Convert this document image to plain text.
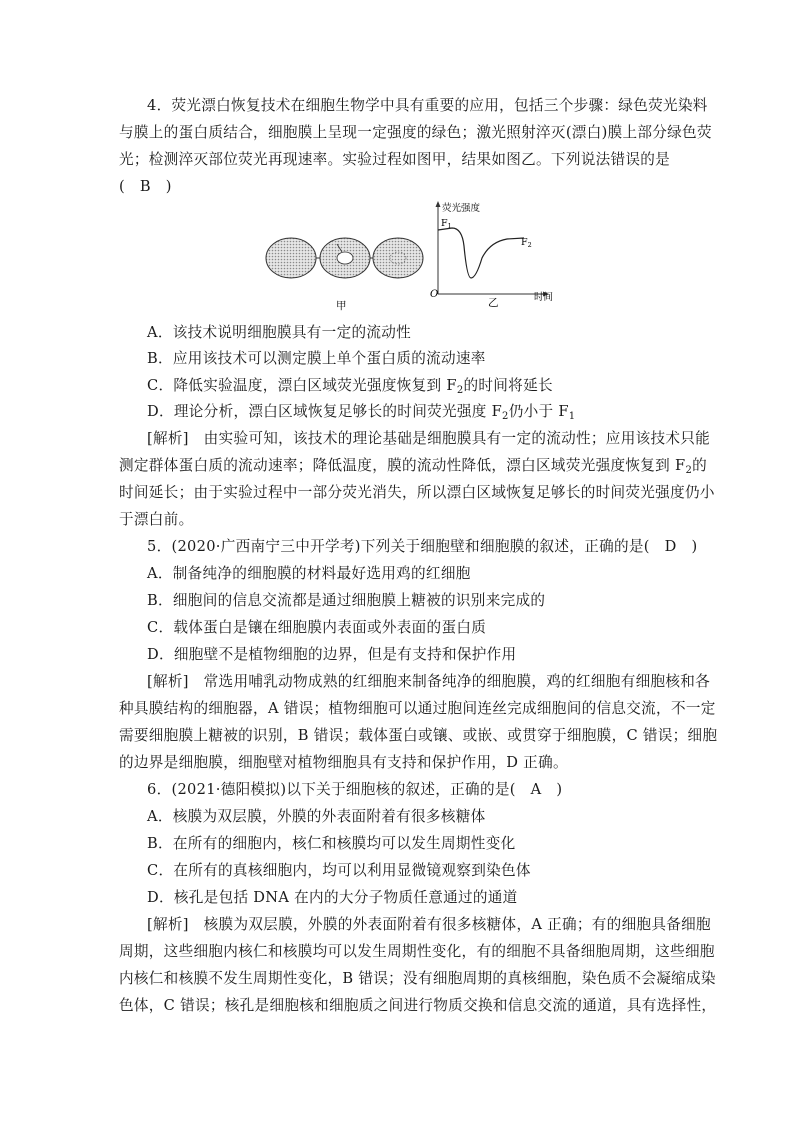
4．荧光漂白恢复技术在细胞生物学中具有重要的应用，包括三个步骤：绿色荧光染料
与膜上的蛋白质结合，细胞膜上呈现一定强度的绿色；激光照射淬灭(漂白)膜上部分绿色荧
光；检测淬灭部位荧光再现速率。实验过程如图甲，结果如图乙。下列说法错误的是
(　B　)
甲
荧光强度
$F_1$
$F_2$
O
乙	时间
A．该技术说明细胞膜具有一定的流动性
B．应用该技术可以测定膜上单个蛋白质的流动速率
C．降低实验温度，漂白区域荧光强度恢复到 $F_2$的时间将延长
D．理论分析，漂白区域恢复足够长的时间荧光强度 $F_2$仍小于 $F_1$
[解析]　由实验可知，该技术的理论基础是细胞膜具有一定的流动性；应用该技术只能
测定群体蛋白质的流动速率；降低温度，膜的流动性降低，漂白区域荧光强度恢复到 $F_2$的
时间延长；由于实验过程中一部分荧光消失，所以漂白区域恢复足够长的时间荧光强度仍小
于漂白前。
5．(2020·广西南宁三中开学考)下列关于细胞壁和细胞膜的叙述，正确的是(　D　)
A．制备纯净的细胞膜的材料最好选用鸡的红细胞
B．细胞间的信息交流都是通过细胞膜上糖被的识别来完成的
C．载体蛋白是镶在细胞膜内表面或外表面的蛋白质
D．细胞壁不是植物细胞的边界，但是有支持和保护作用
[解析]　常选用哺乳动物成熟的红细胞来制备纯净的细胞膜，鸡的红细胞有细胞核和各
种具膜结构的细胞器，A 错误；植物细胞可以通过胞间连丝完成细胞间的信息交流，不一定
需要细胞膜上糖被的识别，B 错误；载体蛋白或镶、或嵌、或贯穿于细胞膜，C 错误；细胞
的边界是细胞膜，细胞壁对植物细胞具有支持和保护作用，D 正确。
6．(2021·德阳模拟)以下关于细胞核的叙述，正确的是(　A　)
A．核膜为双层膜，外膜的外表面附着有很多核糖体
B．在所有的细胞内，核仁和核膜均可以发生周期性变化
C．在所有的真核细胞内，均可以利用显微镜观察到染色体
D．核孔是包括 DNA 在内的大分子物质任意通过的通道
[解析]　核膜为双层膜，外膜的外表面附着有很多核糖体，A 正确；有的细胞具备细胞
周期，这些细胞内核仁和核膜均可以发生周期性变化，有的细胞不具备细胞周期，这些细胞
内核仁和核膜不发生周期性变化，B 错误；没有细胞周期的真核细胞，染色质不会凝缩成染
色体，C 错误；核孔是细胞核和细胞质之间进行物质交换和信息交流的通道，具有选择性，
